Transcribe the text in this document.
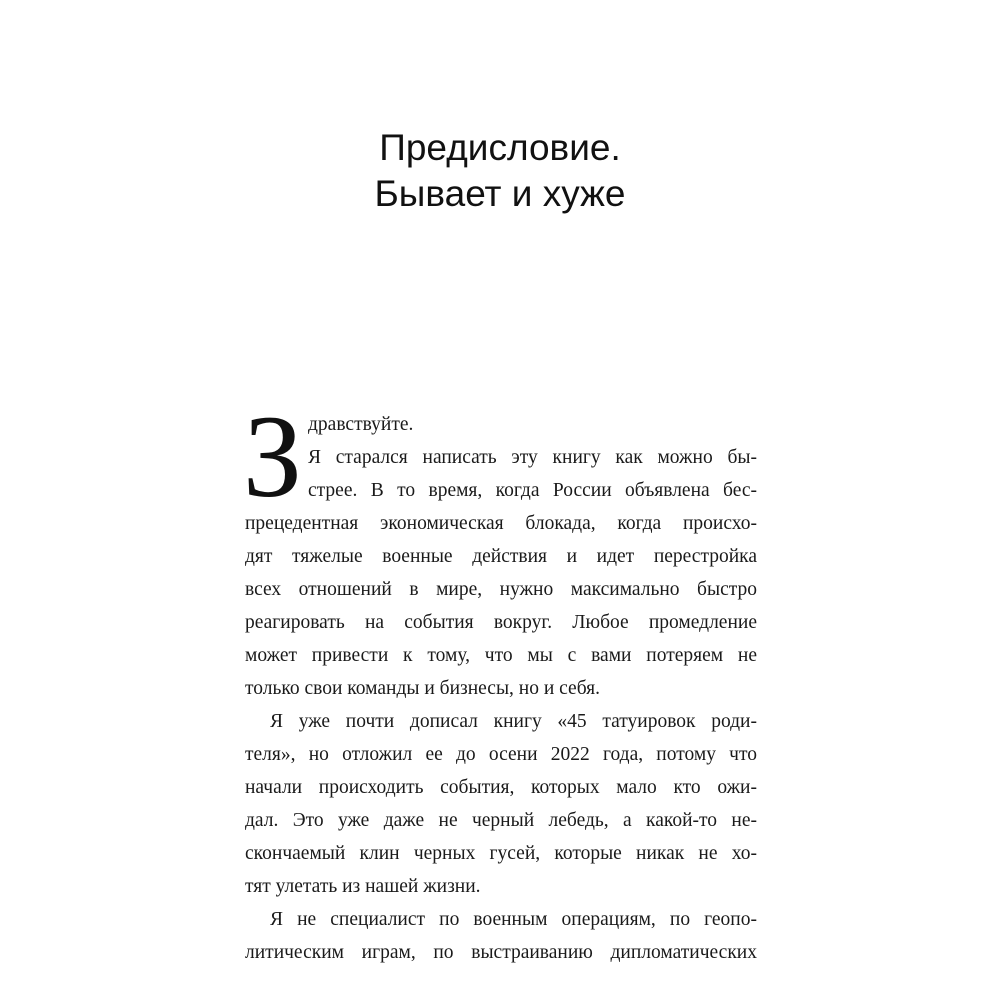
Предисловие.
Бывает и хуже
З дравствуйте.
Я старался написать эту книгу как можно бы-
стрее. В то время, когда России объявлена бес-
прецедентная экономическая блокада, когда происхо-
дят тяжелые военные действия и идет перестройка
всех отношений в мире, нужно максимально быстро
реагировать на события вокруг. Любое промедление
может привести к тому, что мы с вами потеряем не
только свои команды и бизнесы, но и себя.
Я уже почти дописал книгу «45 татуировок роди-
теля», но отложил ее до осени 2022 года, потому что
начали происходить события, которых мало кто ожи-
дал. Это уже даже не черный лебедь, а какой-то не-
скончаемый клин черных гусей, которые никак не хо-
тят улетать из нашей жизни.
Я не специалист по военным операциям, по геопо-
литическим играм, по выстраиванию дипломатических
